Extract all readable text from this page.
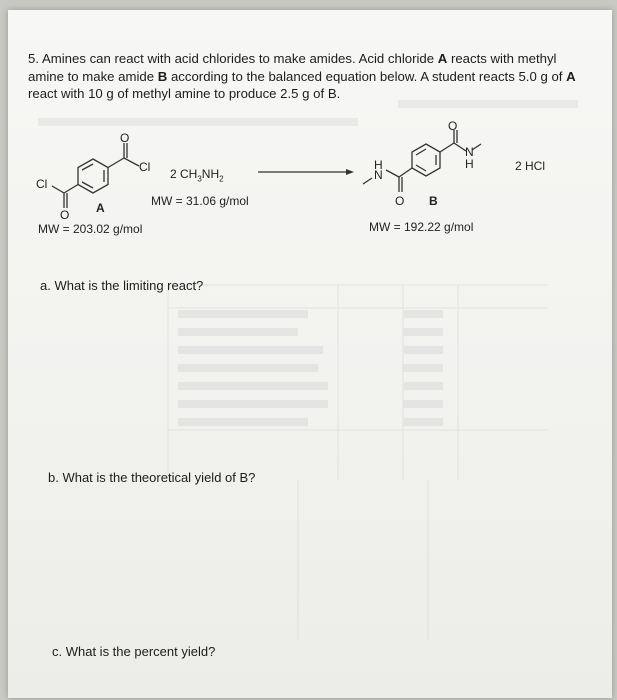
5. Amines can react with acid chlorides to make amides. Acid chloride A reacts with methyl
amine to make amide B according to the balanced equation below. A student reacts 5.0 g of A
react with 10 g of methyl amine to produce 2.5 g of B.
O
Cl
Cl
O A
MW = 203.02 g/mol
2 $CH_3NH_2$
MW = 31.06 g/mol
O
N
H
H
N
O B
MW = 192.22 g/mol
2 HCl
a. What is the limiting react?
b. What is the theoretical yield of B?
c. What is the percent yield?
